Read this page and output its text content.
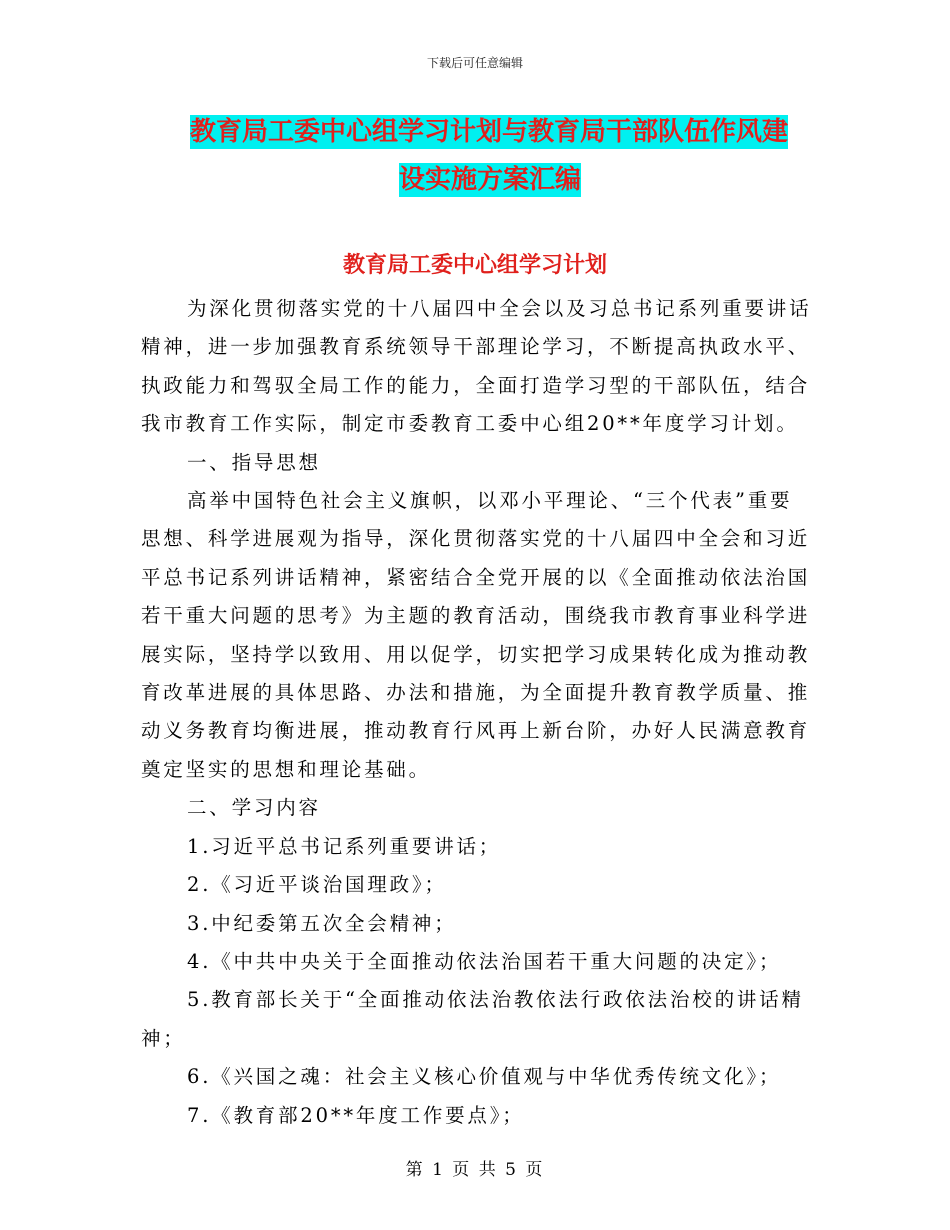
下载后可任意编辑
教育局工委中心组学习计划与教育局干部队伍作风建
设实施方案汇编
教育局工委中心组学习计划

为深化贯彻落实党的十八届四中全会以及习总书记系列重要讲话精神，进一步加强教育系统领导干部理论学习，不断提高执政水平、执政能力和驾驭全局工作的能力，全面打造学习型的干部队伍，结合我市教育工作实际，制定市委教育工委中心组20**年度学习计划。

一、指导思想

高举中国特色社会主义旗帜，以邓小平理论、“三个代表”重要思想、科学进展观为指导，深化贯彻落实党的十八届四中全会和习近平总书记系列讲话精神，紧密结合全党开展的以《全面推动依法治国若干重大问题的思考》为主题的教育活动，围绕我市教育事业科学进展实际，坚持学以致用、用以促学，切实把学习成果转化成为推动教育改革进展的具体思路、办法和措施，为全面提升教育教学质量、推动义务教育均衡进展，推动教育行风再上新台阶，办好人民满意教育奠定坚实的思想和理论基础。

二、学习内容

1.习近平总书记系列重要讲话；

2.《习近平谈治国理政》；

3.中纪委第五次全会精神；

4.《中共中央关于全面推动依法治国若干重大问题的决定》；

5.教育部长关于“全面推动依法治教依法行政依法治校的讲话精神；

6.《兴国之魂：社会主义核心价值观与中华优秀传统文化》；

7.《教育部20**年度工作要点》；

第 1 页 共 5 页
